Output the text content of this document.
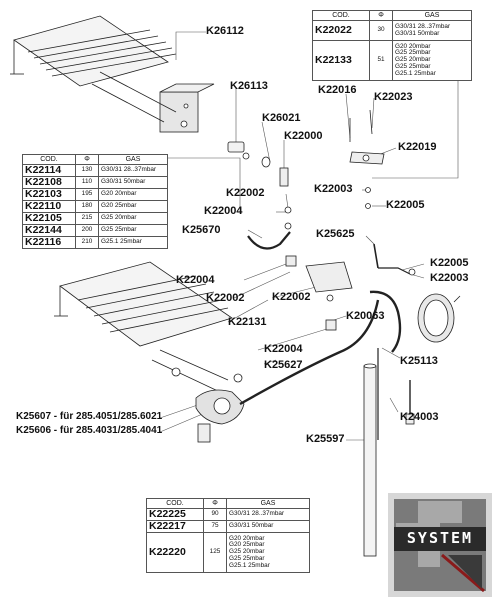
COD.	Φ	GAS
K22022	30	G30/31 28..37mbar
G30/31 50mbar
K22133	51	G20 20mbar
G25 25mbar
G25 20mbar
G25 25mbar
G25.1 25mbar
COD.	Φ	GAS
K22114	130	G30/31 28..37mbar
K22108	110	G30/31 50mbar
K22103	195	G20 20mbar
K22110	180	G20 25mbar
K22105	215	G25 20mbar
K22144	200	G25 25mbar
K22116	210	G25.1 25mbar
COD.	Φ	GAS
K22225	90	G30/31 28..37mbar
K22217	75	G30/31 50mbar
K22220	125	G20 20mbar
G20 25mbar
G25 20mbar
G25 25mbar
G25.1 25mbar
K26112
K26113	K22016
K22023
K26021
K22000
K22019
K22002	K22003
K22004	K22005
K25670	K25625
K22005
K22003
K22004
K22002 K22002
K20063
K22131
K22004
K25113
K25627
K24003
K25597
K25607 - für 285.4051/285.6021
K25606 - für 285.4031/285.4041
SYSTEM
